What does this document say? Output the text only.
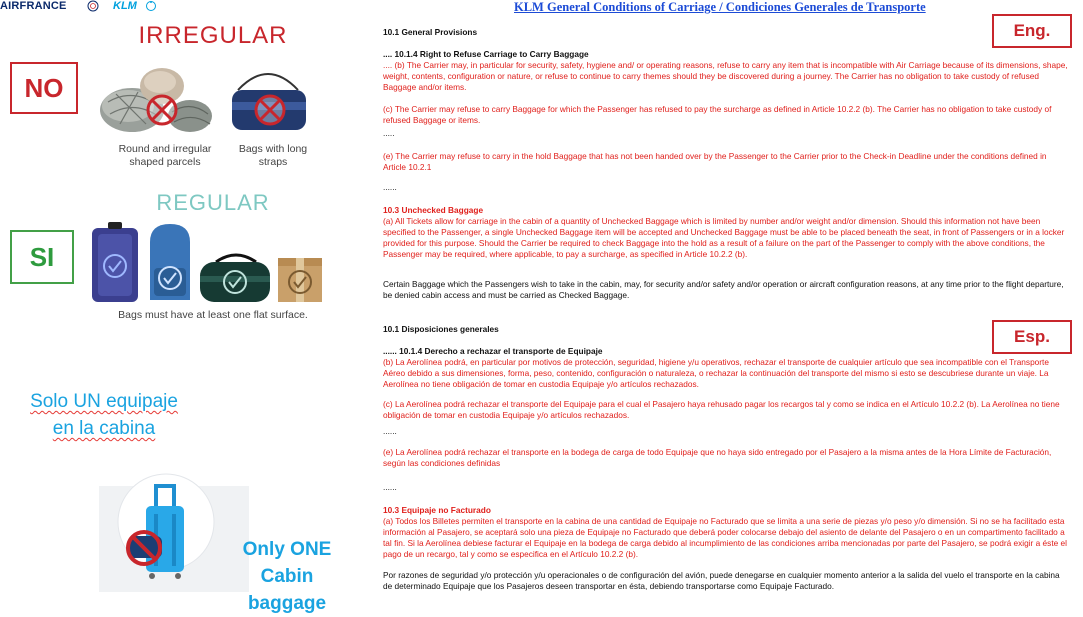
AIRFRANCE	KLM
IRREGULAR
NO
Round and irregular shaped parcels
Bags with long straps
REGULAR
SI
Bags must have at least one flat surface.
Solo UN equipaje
en la cabina
Only ONE Cabin
baggage
KLM General Conditions of Carriage / Condiciones Generales de Transporte
Eng.
Esp.
10.1 General Provisions
.... 10.1.4 Right to Refuse Carriage to Carry Baggage
.... (b) The Carrier may, in particular for security, safety, hygiene and/ or operating reasons, refuse to carry any item that is incompatible with Air Carriage because of its dimensions, shape, weight, contents, configuration or nature, or refuse to continue to carry themes should they be discovered during a journey. The Carrier has no obligation to take custody of refused Baggage and/or items.
(c) The Carrier may refuse to carry Baggage for which the Passenger has refused to pay the surcharge as defined in Article 10.2.2 (b). The Carrier has no obligation to take custody of refused Baggage or items.
.....
(e) The Carrier may refuse to carry in the hold Baggage that has not been handed over by the Passenger to the Carrier prior to the Check-in Deadline under the conditions defined in Article 10.2.1
......
10.3 Unchecked Baggage
(a) All Tickets allow for carriage in the cabin of a quantity of Unchecked Baggage which is limited by number and/or weight and/or dimension. Should this information not have been specified to the Passenger, a single Unchecked Baggage item will be accepted and Unchecked Baggage must be able to be placed beneath the seat, in front of Passengers or in a locker provided for this purpose. Should the Carrier be required to check Baggage into the hold as a result of a failure on the part of the Passenger to comply with the above conditions, the Passenger may be required, where applicable, to pay a surcharge, as specified in Article 10.2.2 (b).
Certain Baggage which the Passengers wish to take in the cabin, may, for security and/or safety and/or operation or aircraft configuration reasons, at any time prior to the flight departure, be denied cabin access and must be carried as Checked Baggage.
10.1 Disposiciones generales
...... 10.1.4 Derecho a rechazar el transporte de Equipaje
(b) La Aerolínea podrá, en particular por motivos de protección, seguridad, higiene y/u operativos, rechazar el transporte de cualquier artículo que sea incompatible con el Transporte Aéreo debido a sus dimensiones, forma, peso, contenido, configuración o naturaleza, o rechazar la continuación del transporte del mismo si esto se descubriese durante un viaje. La Aerolínea no tiene obligación de tomar en custodia Equipaje y/o artículos rechazados.
(c) La Aerolínea podrá rechazar el transporte del Equipaje para el cual el Pasajero haya rehusado pagar los recargos tal y como se indica en el Artículo 10.2.2 (b). La Aerolínea no tiene obligación de tomar en custodia Equipaje y/o artículos rechazados.
......
(e) La Aerolínea podrá rechazar el transporte en la bodega de carga de todo Equipaje que no haya sido entregado por el Pasajero a la misma antes de la Hora Límite de Facturación, según las condiciones definidas
......
10.3 Equipaje no Facturado
(a) Todos los Billetes permiten el transporte en la cabina de una cantidad de Equipaje no Facturado que se limita a una serie de piezas y/o peso y/o dimensión. Si no se ha facilitado esta información al Pasajero, se aceptará solo una pieza de Equipaje no Facturado que deberá poder colocarse debajo del asiento de delante del Pasajero o en un compartimento facilitado a tal fin. Si la Aerolínea debiese facturar el Equipaje en la bodega de carga debido al incumplimiento de las condiciones arriba mencionadas por parte del Pasajero, se podrá exigir a éste el pago de un recargo, tal y como se especifica en el Artículo 10.2.2 (b).
Por razones de seguridad y/o protección y/u operacionales o de configuración del avión, puede denegarse en cualquier momento anterior a la salida del vuelo el transporte en la cabina de determinado Equipaje que los Pasajeros deseen transportar en ésta, debiendo transportarse como Equipaje Facturado.
